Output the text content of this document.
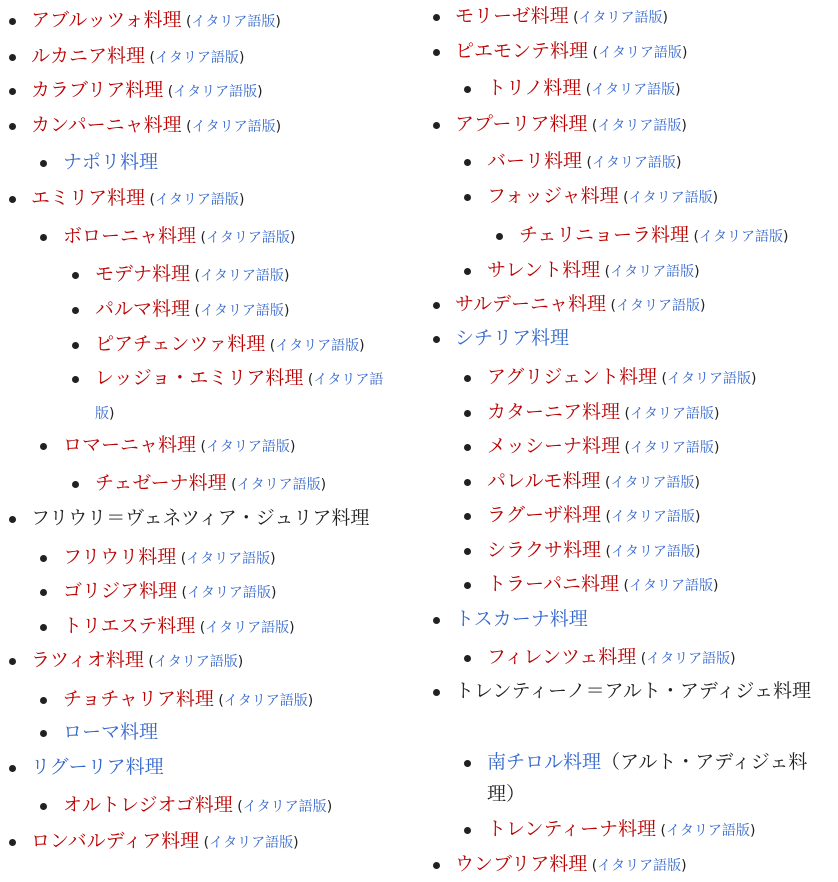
アブルッツォ料理 (イタリア語版)
ルカニア料理 (イタリア語版)
カラブリア料理 (イタリア語版)
カンパーニャ料理 (イタリア語版)
ナポリ料理
エミリア料理 (イタリア語版)
ボローニャ料理 (イタリア語版)
モデナ料理 (イタリア語版)
パルマ料理 (イタリア語版)
ピアチェンツァ料理 (イタリア語版)
レッジョ・エミリア料理 (イタリア語版)
ロマーニャ料理 (イタリア語版)
チェゼーナ料理 (イタリア語版)
フリウリ＝ヴェネツィア・ジュリア料理
フリウリ料理 (イタリア語版)
ゴリジア料理 (イタリア語版)
トリエステ料理 (イタリア語版)
ラツィオ料理 (イタリア語版)
チョチャリア料理 (イタリア語版)
ローマ料理
リグーリア料理
オルトレジオゴ料理 (イタリア語版)
ロンバルディア料理 (イタリア語版)
モリーゼ料理 (イタリア語版)
ピエモンテ料理 (イタリア語版)
トリノ料理 (イタリア語版)
アプーリア料理 (イタリア語版)
バーリ料理 (イタリア語版)
フォッジャ料理 (イタリア語版)
チェリニョーラ料理 (イタリア語版)
サレント料理 (イタリア語版)
サルデーニャ料理 (イタリア語版)
シチリア料理
アグリジェント料理 (イタリア語版)
カターニア料理 (イタリア語版)
メッシーナ料理 (イタリア語版)
パレルモ料理 (イタリア語版)
ラグーザ料理 (イタリア語版)
シラクサ料理 (イタリア語版)
トラーパニ料理 (イタリア語版)
トスカーナ料理
フィレンツェ料理 (イタリア語版)
トレンティーノ＝アルト・アディジェ料理
南チロル料理（アルト・アディジェ料理）
トレンティーナ料理 (イタリア語版)
ウンブリア料理 (イタリア語版)
